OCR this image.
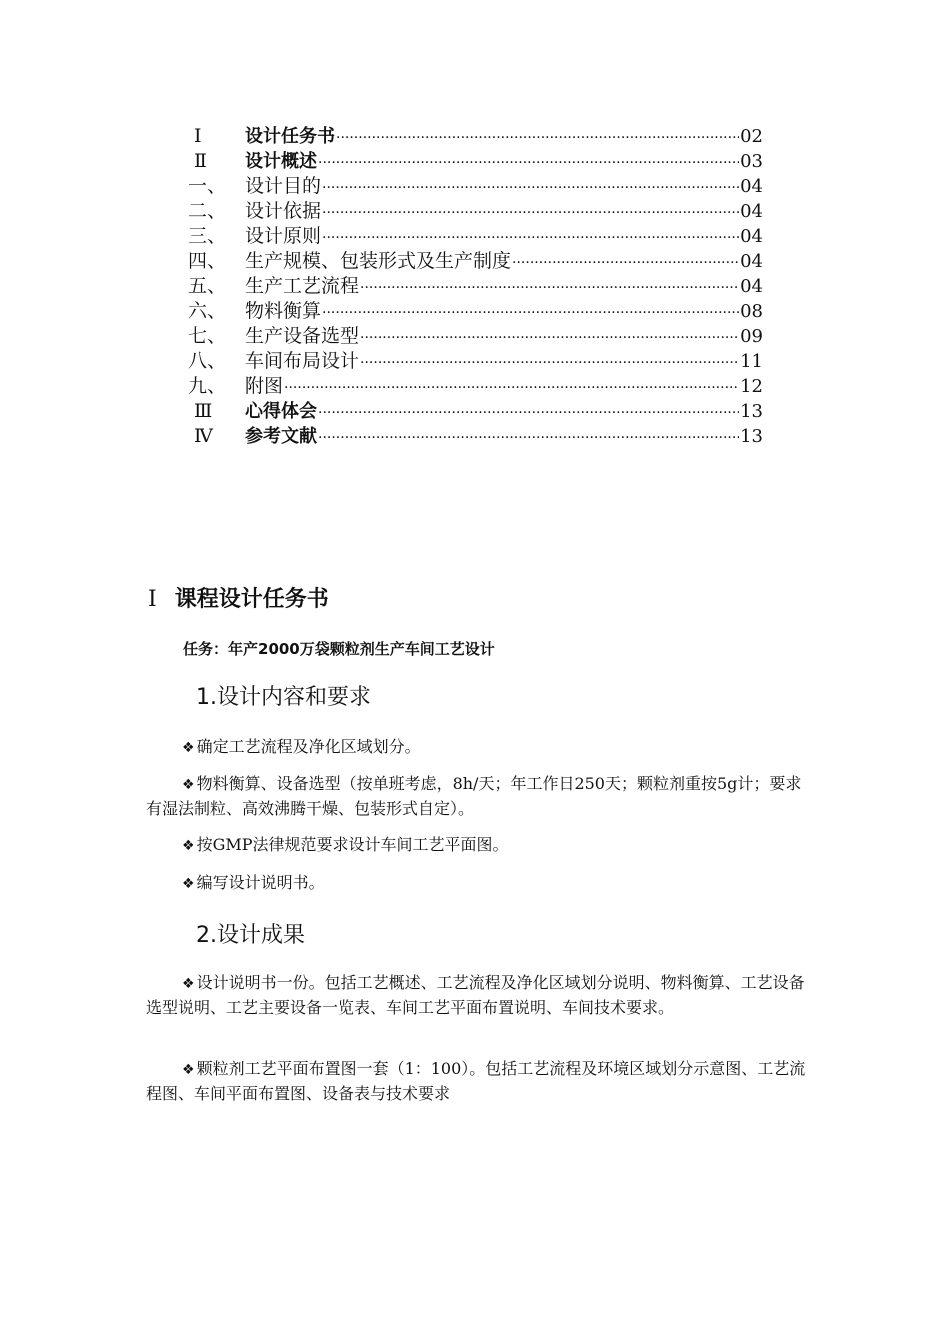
Ⅰ	设计任务书 ·····	02
Ⅱ	设计概述 ·····	03
一、 设计目的 ·····	04
二、 设计依据 ·····	04
三、 设计原则 ·····	04
四、 生产规模、包装形式及生产制度 ·····	04
五、 生产工艺流程 ·····	04
六、 物料衡算 ·····	08
七、 生产设备选型 ·····	09
八、 车间布局设计 ·····	11
九、 附图 ·····	12
Ⅲ	心得体会 ·····	13
Ⅳ	参考文献 ·····	13
Ⅰ 课程设计任务书
任务：年产2000万袋颗粒剂生产车间工艺设计
1.设计内容和要求
❖ 确定工艺流程及净化区域划分。
❖ 物料衡算、设备选型（按单班考虑，8h/天；年工作日250天；颗粒剂重按5g计；要求有湿法制粒、高效沸腾干燥、包装形式自定）。
❖ 按GMP法律规范要求设计车间工艺平面图。
❖ 编写设计说明书。
2.设计成果
❖ 设计说明书一份。包括工艺概述、工艺流程及净化区域划分说明、物料衡算、工艺设备选型说明、工艺主要设备一览表、车间工艺平面布置说明、车间技术要求。
❖ 颗粒剂工艺平面布置图一套（1：100）。包括工艺流程及环境区域划分示意图、工艺流程图、车间平面布置图、设备表与技术要求
